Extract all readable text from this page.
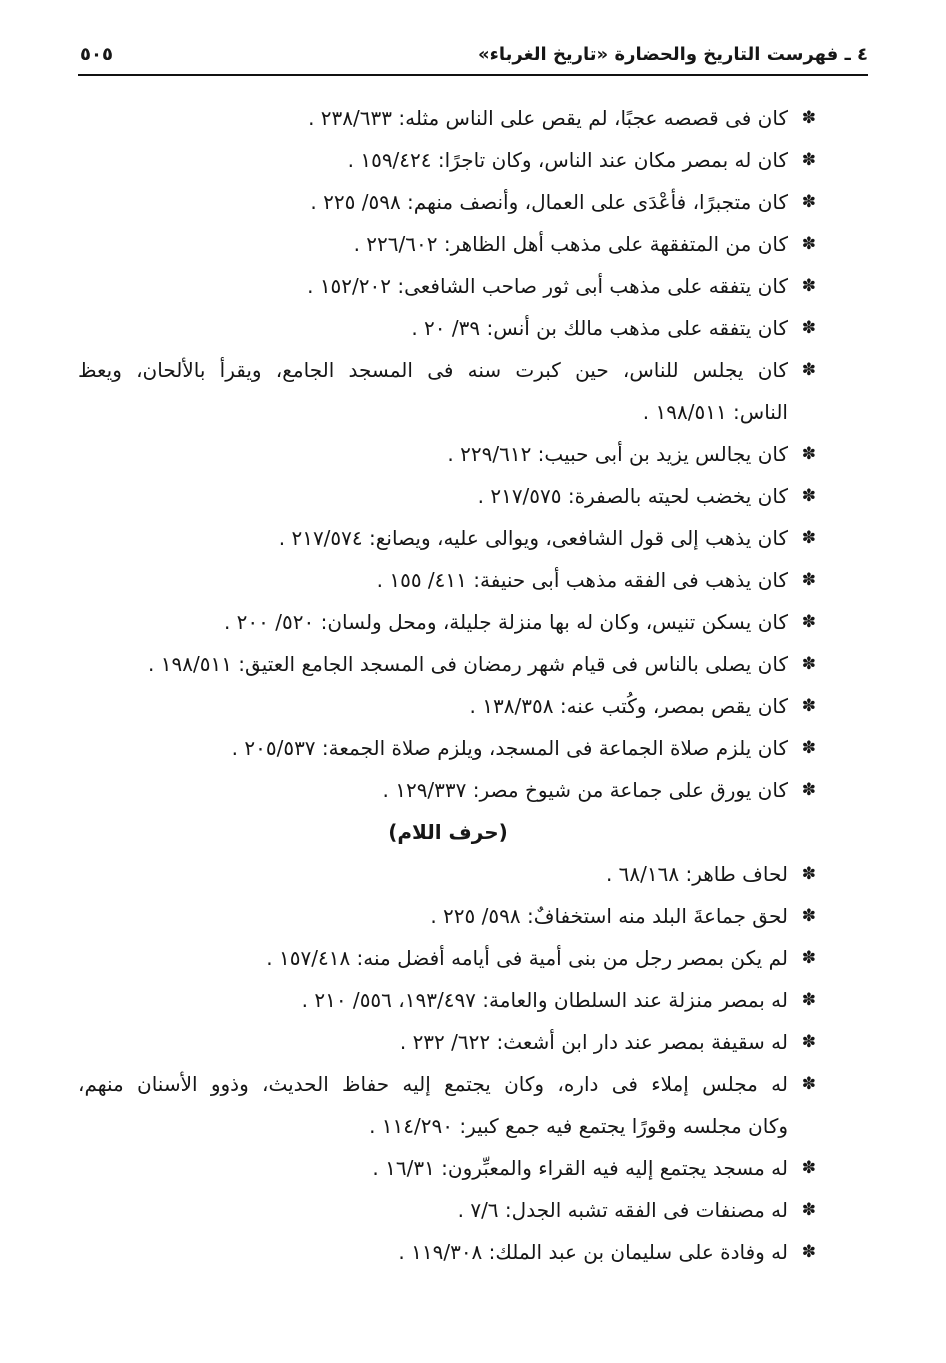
٤ ـ فهرست التاريخ والحضارة «تاريخ الغرباء»
٥٠٥
✽
كان فى قصصه عجبًا، لم يقص على الناس مثله: ٢٣٨/٦٣٣ .
✽
كان له بمصر مكان عند الناس، وكان تاجرًا: ١٥٩/٤٢٤ .
✽
كان متجبرًا، فأعْدَى على العمال، وأنصف منهم: ٥٩٨/ ٢٢٥ .
✽
كان من المتفقهة على مذهب أهل الظاهر: ٢٢٦/٦٠٢ .
✽
كان يتفقه على مذهب أبى ثور صاحب الشافعى: ١٥٢/٢٠٢ .
✽
كان يتفقه على مذهب مالك بن أنس: ٣٩/ ٢٠ .
✽
كان يجلس للناس، حين كبرت سنه فى المسجد الجامع، ويقرأ بالألحان، ويعظ
الناس: ١٩٨/٥١١ .
✽
كان يجالس يزيد بن أبى حبيب: ٢٢٩/٦١٢ .
✽
كان يخضب لحيته بالصفرة: ٢١٧/٥٧٥ .
✽
كان يذهب إلى قول الشافعى، ويوالى عليه، ويصانع: ٢١٧/٥٧٤ .
✽
كان يذهب فى الفقه مذهب أبى حنيفة: ٤١١/ ١٥٥ .
✽
كان يسكن تنيس، وكان له بها منزلة جليلة، ومحل ولسان: ٥٢٠/ ٢٠٠ .
✽
كان يصلى بالناس فى قيام شهر رمضان فى المسجد الجامع العتيق: ١٩٨/٥١١ .
✽
كان يقص بمصر، وكُتب عنه: ١٣٨/٣٥٨ .
✽
كان يلزم صلاة الجماعة فى المسجد، ويلزم صلاة الجمعة: ٢٠٥/٥٣٧ .
✽
كان يورق على جماعة من شيوخ مصر: ١٢٩/٣٣٧ .
(حرف اللام)
✽
لحاف طاهر: ٦٨/١٦٨ .
✽
لحق جماعةَ البلد منه استخفافٌ: ٥٩٨/ ٢٢٥ .
✽
لم يكن بمصر رجل من بنى أمية فى أيامه أفضل منه: ١٥٧/٤١٨ .
✽
له بمصر منزلة عند السلطان والعامة: ١٩٣/٤٩٧، ٥٥٦/ ٢١٠ .
✽
له سقيفة بمصر عند دار ابن أشعث: ٦٢٢/ ٢٣٢ .
✽
له مجلس إملاء فى داره، وكان يجتمع إليه حفاظ الحديث، وذوو الأسنان منهم،
وكان مجلسه وقورًا يجتمع فيه جمع كبير: ١١٤/٢٩٠ .
✽
له مسجد يجتمع إليه فيه القراء والمعبِّرون: ١٦/٣١ .
✽
له مصنفات فى الفقه تشبه الجدل: ٧/٦ .
✽
له وفادة على سليمان بن عبد الملك: ١١٩/٣٠٨ .
